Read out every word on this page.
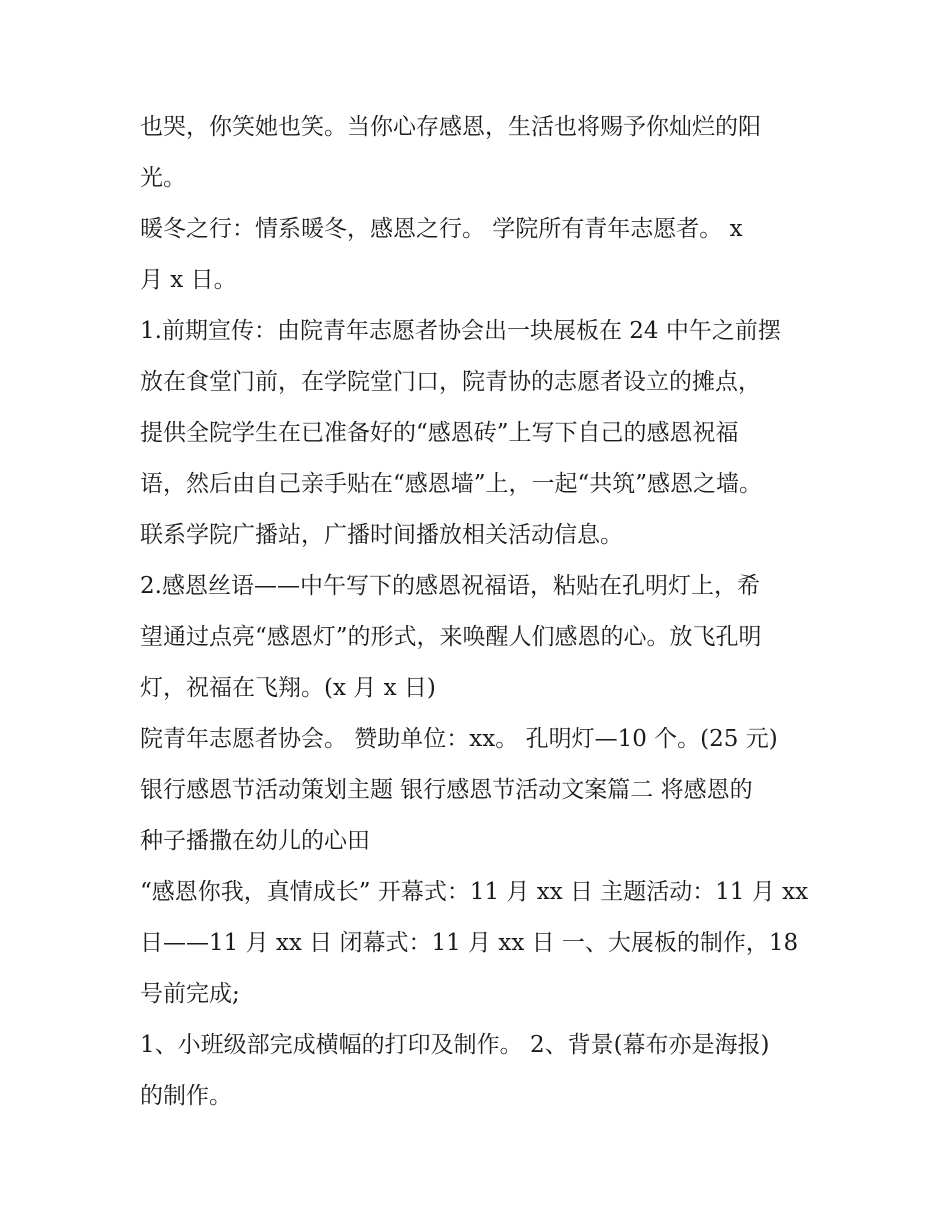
也哭，你笑她也笑。当你心存感恩，生活也将赐予你灿烂的阳
光。
暖冬之行：情系暖冬，感恩之行。 学院所有青年志愿者。 x
月 x 日。
1.前期宣传：由院青年志愿者协会出一块展板在 24 中午之前摆
放在食堂门前，在学院堂门口，院青协的志愿者设立的摊点，
提供全院学生在已准备好的“感恩砖”上写下自己的感恩祝福
语，然后由自己亲手贴在“感恩墙”上，一起“共筑”感恩之墙。
联系学院广播站，广播时间播放相关活动信息。
2.感恩丝语——中午写下的感恩祝福语，粘贴在孔明灯上，希
望通过点亮“感恩灯”的形式，来唤醒人们感恩的心。放飞孔明
灯，祝福在飞翔。(x 月 x 日)
院青年志愿者协会。 赞助单位：xx。 孔明灯—10 个。(25 元)
银行感恩节活动策划主题 银行感恩节活动文案篇二 将感恩的
种子播撒在幼儿的心田
“感恩你我，真情成长” 开幕式：11 月 xx 日 主题活动：11 月 xx
日——11 月 xx 日 闭幕式：11 月 xx 日 一、大展板的制作，18
号前完成;
1、小班级部完成横幅的打印及制作。 2、背景(幕布亦是海报)
的制作。
